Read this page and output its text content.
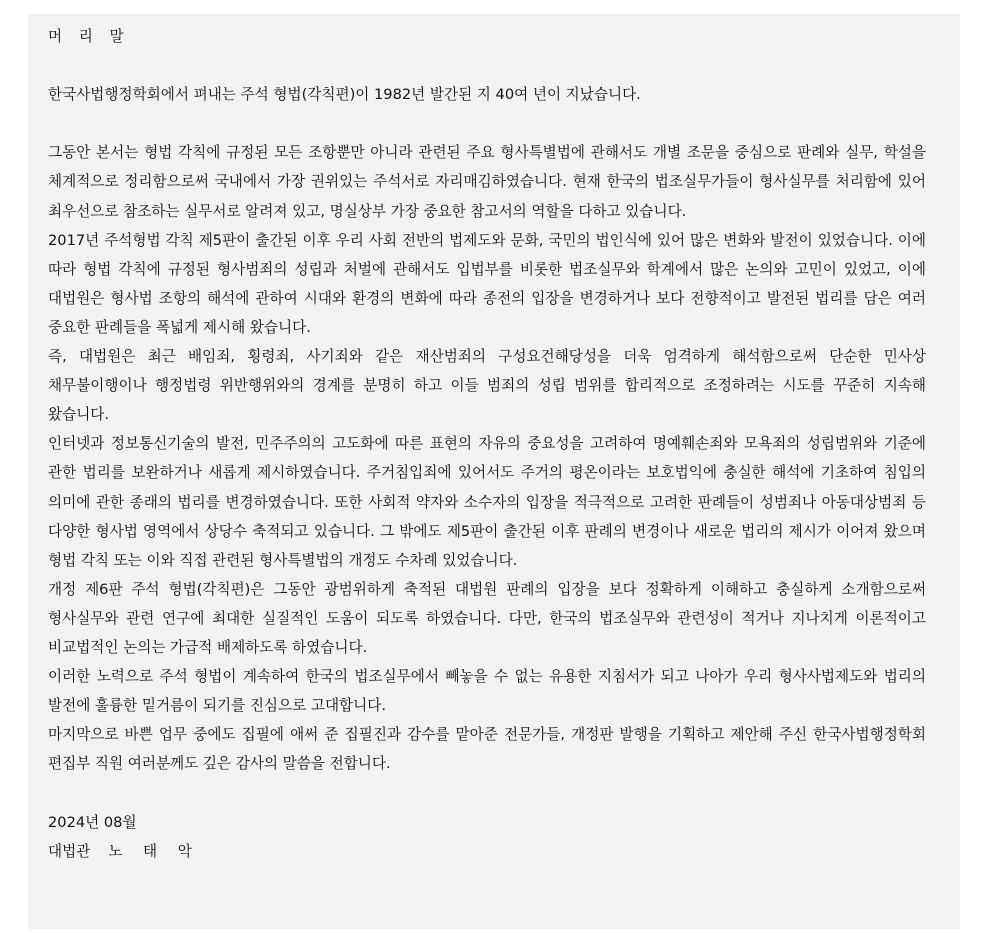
머 리 말

한국사법행정학회에서 펴내는 주석 형법(각칙편)이 1982년 발간된 지 40여 년이 지났습니다.

그동안 본서는 형법 각칙에 규정된 모든 조항뿐만 아니라 관련된 주요 형사특별법에 관해서도 개별 조문을 중심으로 판례와 실무, 학설을 체계적으로 정리함으로써 국내에서 가장 권위있는 주석서로 자리매김하였습니다. 현재 한국의 법조실무가들이 형사실무를 처리함에 있어 최우선으로 참조하는 실무서로 알려져 있고, 명실상부 가장 중요한 참고서의 역할을 다하고 있습니다.

2017년 주석형법 각칙 제5판이 출간된 이후 우리 사회 전반의 법제도와 문화, 국민의 법인식에 있어 많은 변화와 발전이 있었습니다. 이에 따라 형법 각칙에 규정된 형사범죄의 성립과 처벌에 관해서도 입법부를 비롯한 법조실무와 학계에서 많은 논의와 고민이 있었고, 이에 대법원은 형사법 조항의 해석에 관하여 시대와 환경의 변화에 따라 종전의 입장을 변경하거나 보다 전향적이고 발전된 법리를 담은 여러 중요한 판례들을 폭넓게 제시해 왔습니다.

즉, 대법원은 최근 배임죄, 횡령죄, 사기죄와 같은 재산범죄의 구성요건해당성을 더욱 엄격하게 해석함으로써 단순한 민사상 채무불이행이나 행정법령 위반행위와의 경계를 분명히 하고 이들 범죄의 성립 범위를 합리적으로 조정하려는 시도를 꾸준히 지속해 왔습니다.

인터넷과 정보통신기술의 발전, 민주주의의 고도화에 따른 표현의 자유의 중요성을 고려하여 명예훼손죄와 모욕죄의 성립범위와 기준에 관한 법리를 보완하거나 새롭게 제시하였습니다. 주거침입죄에 있어서도 주거의 평온이라는 보호법익에 충실한 해석에 기초하여 침입의 의미에 관한 종래의 법리를 변경하였습니다. 또한 사회적 약자와 소수자의 입장을 적극적으로 고려한 판례들이 성범죄나 아동대상범죄 등 다양한 형사법 영역에서 상당수 축적되고 있습니다. 그 밖에도 제5판이 출간된 이후 판례의 변경이나 새로운 법리의 제시가 이어져 왔으며 형법 각칙 또는 이와 직접 관련된 형사특별법의 개정도 수차례 있었습니다.

개정 제6판 주석 형법(각칙편)은 그동안 광범위하게 축적된 대법원 판례의 입장을 보다 정확하게 이해하고 충실하게 소개함으로써 형사실무와 관련 연구에 최대한 실질적인 도움이 되도록 하였습니다. 다만, 한국의 법조실무와 관련성이 적거나 지나치게 이론적이고 비교법적인 논의는 가급적 배제하도록 하였습니다.

이러한 노력으로 주석 형법이 계속하여 한국의 법조실무에서 빼놓을 수 없는 유용한 지침서가 되고 나아가 우리 형사사법제도와 법리의 발전에 훌륭한 밑거름이 되기를 진심으로 고대합니다.

마지막으로 바쁜 업무 중에도 집필에 애써 준 집필진과 감수를 맡아준 전문가들, 개정판 발행을 기획하고 제안해 주신 한국사법행정학회 편집부 직원 여러분께도 깊은 감사의 말씀을 전합니다.

2024년 08월

대법관 노 태 악
